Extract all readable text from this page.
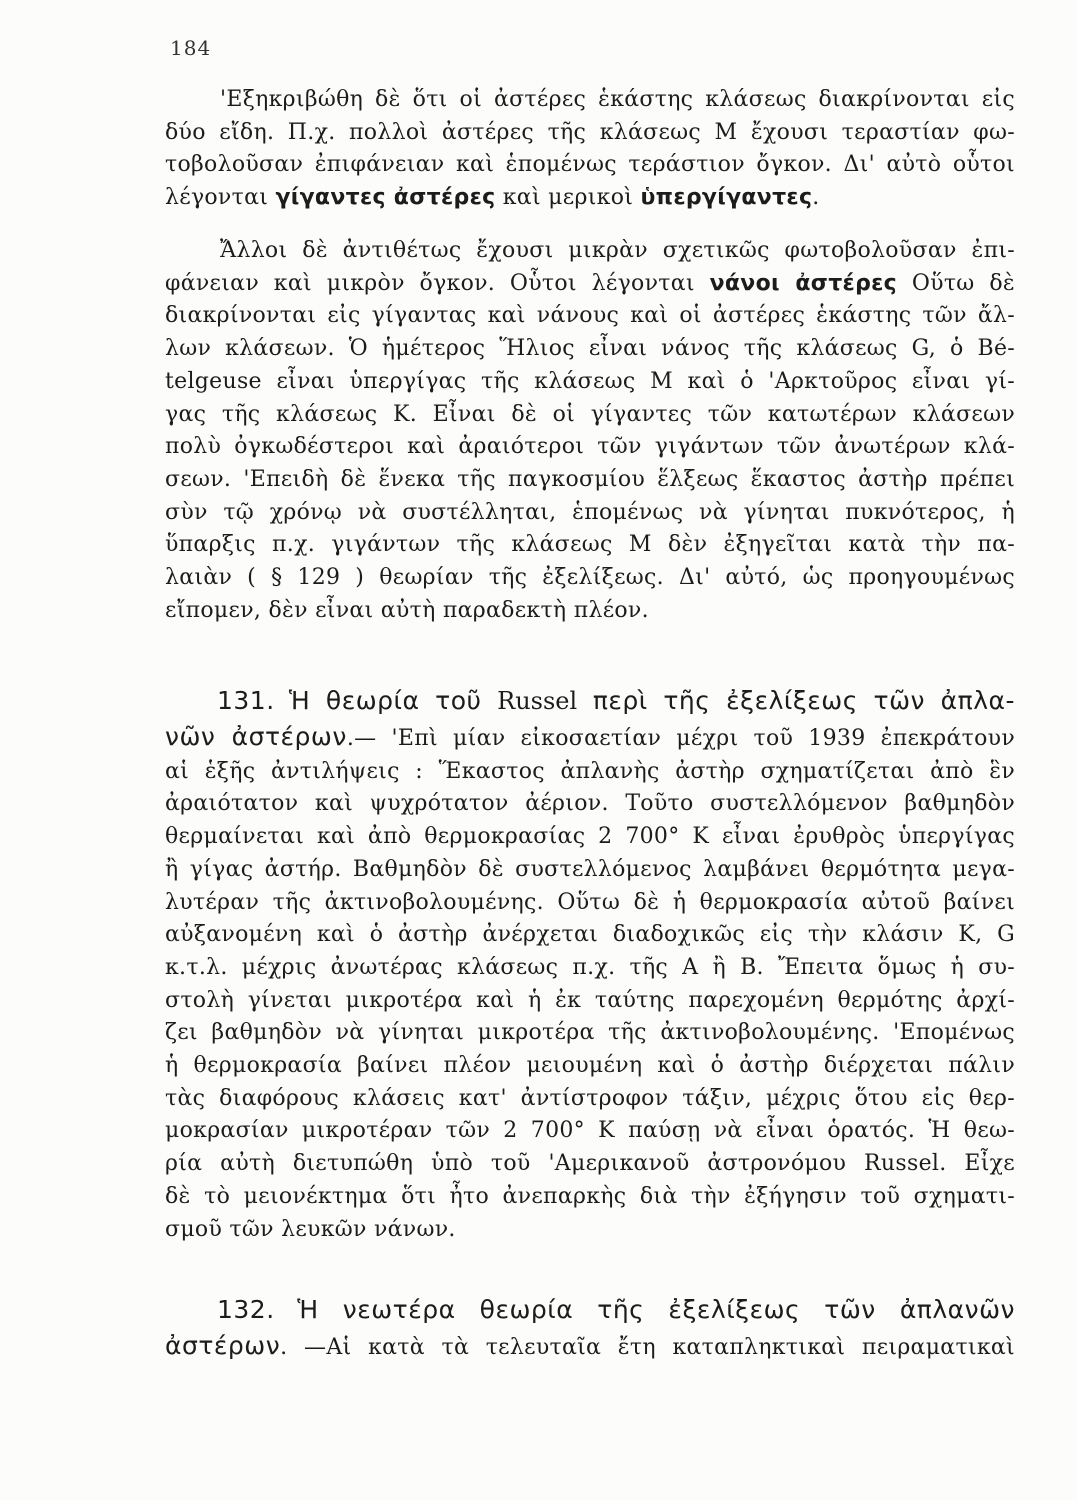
184
'Εξηκριβώθη δὲ ὅτι οἱ ἀστέρες ἑκάστης κλάσεως διακρίνονται εἰς
δύο εἴδη. Π.χ. πολλοὶ ἀστέρες τῆς κλάσεως Μ ἔχουσι τεραστίαν φω-
τοβολοῦσαν ἐπιφάνειαν καὶ ἑπομένως τεράστιον ὄγκον. Δι' αὐτὸ οὗτοι
λέγονται γίγαντες ἀστέρες καὶ μερικοὶ ὑπεργίγαντες.
Ἄλλοι δὲ ἀντιθέτως ἔχουσι μικρὰν σχετικῶς φωτοβολοῦσαν ἐπι-
φάνειαν καὶ μικρὸν ὄγκον. Οὗτοι λέγονται νάνοι ἀστέρες Οὕτω δὲ
διακρίνονται εἰς γίγαντας καὶ νάνους καὶ οἱ ἀστέρες ἑκάστης τῶν ἄλ-
λων κλάσεων. Ὁ ἡμέτερος Ἥλιος εἶναι νάνος τῆς κλάσεως G, ὁ Bé-
telgeuse εἶναι ὑπεργίγας τῆς κλάσεως Μ καὶ ὁ 'Αρκτοῦρος εἶναι γί-
γας τῆς κλάσεως Κ. Εἶναι δὲ οἱ γίγαντες τῶν κατωτέρων κλάσεων
πολὺ ὀγκωδέστεροι καὶ ἀραιότεροι τῶν γιγάντων τῶν ἀνωτέρων κλά-
σεων. 'Επειδὴ δὲ ἕνεκα τῆς παγκοσμίου ἕλξεως ἕκαστος ἀστὴρ πρέπει
σὺν τῷ χρόνῳ νὰ συστέλληται, ἑπομένως νὰ γίνηται πυκνότερος, ἡ
ὕπαρξις π.χ. γιγάντων τῆς κλάσεως Μ δὲν ἐξηγεῖται κατὰ τὴν πα-
λαιὰν ( § 129 ) θεωρίαν τῆς ἐξελίξεως. Δι' αὐτό, ὡς προηγουμένως
εἴπομεν, δὲν εἶναι αὐτὴ παραδεκτὴ πλέον.
131. Ἡ θεωρία τοῦ Russel περὶ τῆς ἐξελίξεως τῶν ἀπλα-
νῶν ἀστέρων.— 'Επὶ μίαν εἰκοσαετίαν μέχρι τοῦ 1939 ἐπεκράτουν
αἱ ἑξῆς ἀντιλήψεις : Ἕκαστος ἀπλανὴς ἀστὴρ σχηματίζεται ἀπὸ ἓν
ἀραιότατον καὶ ψυχρότατον ἀέριον. Τοῦτο συστελλόμενον βαθμηδὸν
θερμαίνεται καὶ ἀπὸ θερμοκρασίας 2 700° Κ εἶναι ἐρυθρὸς ὑπεργίγας
ἢ γίγας ἀστήρ. Βαθμηδὸν δὲ συστελλόμενος λαμβάνει θερμότητα μεγα-
λυτέραν τῆς ἀκτινοβολουμένης. Οὕτω δὲ ἡ θερμοκρασία αὐτοῦ βαίνει
αὐξανομένη καὶ ὁ ἀστὴρ ἀνέρχεται διαδοχικῶς εἰς τὴν κλάσιν Κ, G
κ.τ.λ. μέχρις ἀνωτέρας κλάσεως π.χ. τῆς Α ἢ Β. Ἔπειτα ὅμως ἡ συ-
στολὴ γίνεται μικροτέρα καὶ ἡ ἐκ ταύτης παρεχομένη θερμότης ἀρχί-
ζει βαθμηδὸν νὰ γίνηται μικροτέρα τῆς ἀκτινοβολουμένης. 'Επομένως
ἡ θερμοκρασία βαίνει πλέον μειουμένη καὶ ὁ ἀστὴρ διέρχεται πάλιν
τὰς διαφόρους κλάσεις κατ' ἀντίστροφον τάξιν, μέχρις ὅτου εἰς θερ-
μοκρασίαν μικροτέραν τῶν 2 700° Κ παύσῃ νὰ εἶναι ὁρατός. Ἡ θεω-
ρία αὐτὴ διετυπώθη ὑπὸ τοῦ 'Αμερικανοῦ ἀστρονόμου Russel. Εἶχε
δὲ τὸ μειονέκτημα ὅτι ἦτο ἀνεπαρκὴς διὰ τὴν ἐξήγησιν τοῦ σχηματι-
σμοῦ τῶν λευκῶν νάνων.
132. Ἡ νεωτέρα θεωρία τῆς ἐξελίξεως τῶν ἀπλανῶν
ἀστέρων. —Αἱ κατὰ τὰ τελευταῖα ἔτη καταπληκτικαὶ πειραματικαὶ
